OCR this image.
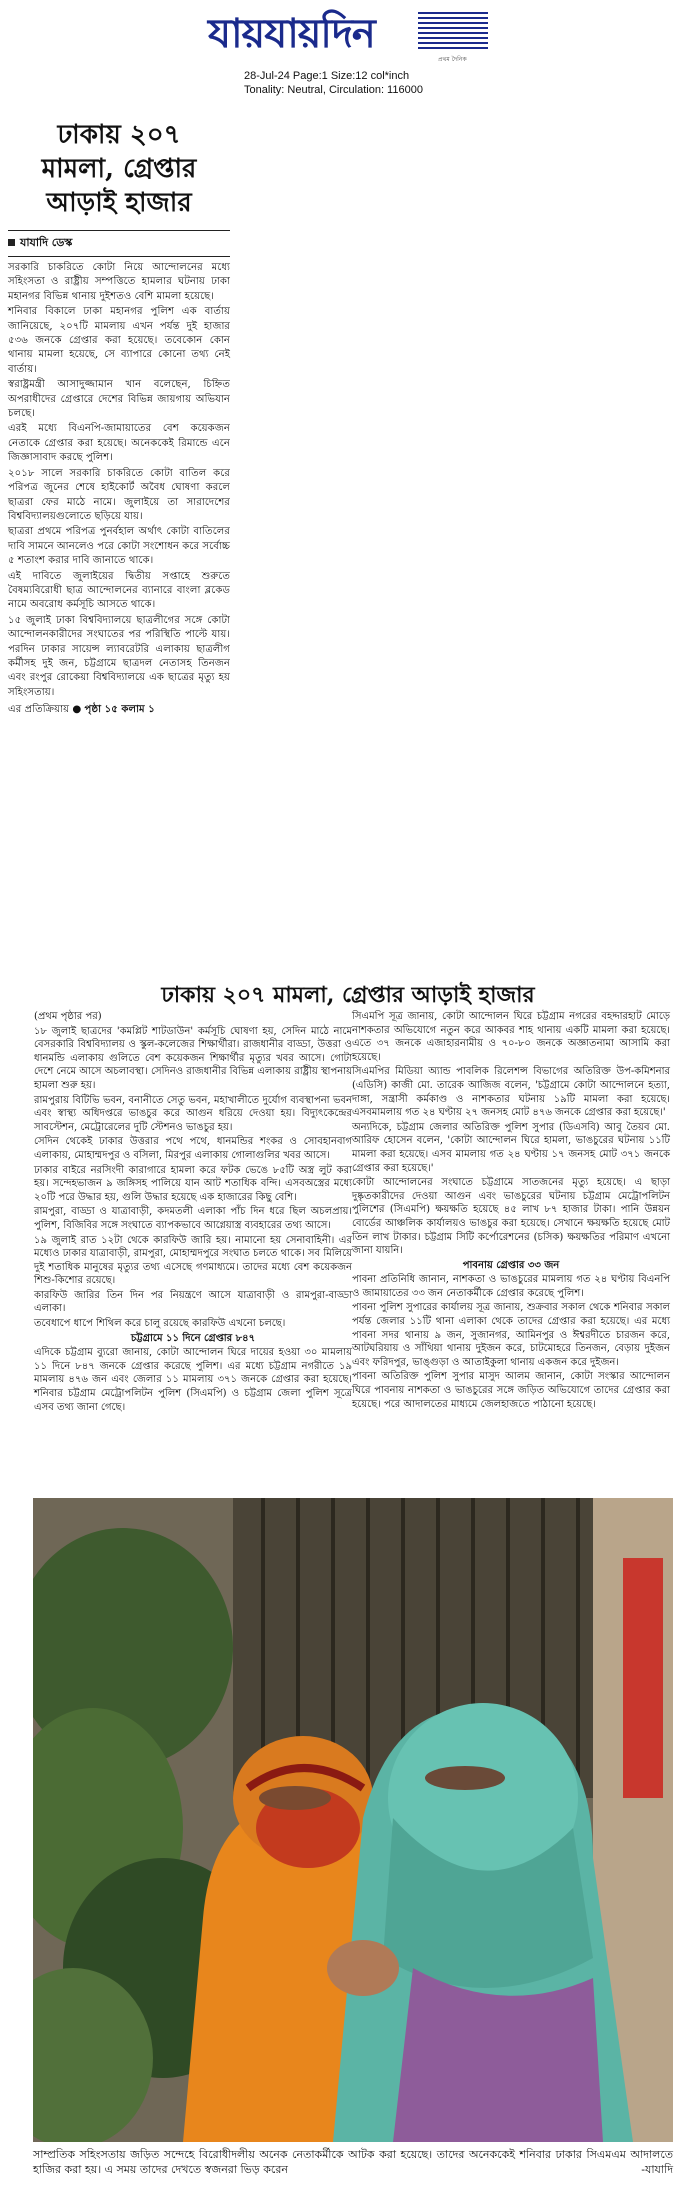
যায়যায়দিন
প্রথম দৈনিক
28-Jul-24 Page:1 Size:12 col*inch
Tonality: Neutral, Circulation: 116000
ঢাকায় ২০৭
মামলা, গ্রেপ্তার
আড়াই হাজার
যাযাদি ডেস্ক

সরকারি চাকরিতে কোটা নিয়ে আন্দোলনের মধ্যে সহিংসতা ও রাষ্ট্রীয় সম্পত্তিতে হামলার ঘটনায় ঢাকা মহানগর বিভিন্ন থানায় দুইশতও বেশি মামলা হয়েছে।

শনিবার বিকালে ঢাকা মহানগর পুলিশ এক বার্তায় জানিয়েছে, ২০৭টি মামলায় এখন পর্যন্ত দুই হাজার ৫৩৬ জনকে গ্রেপ্তার করা হয়েছে। তবেকোন কোন থানায় মামলা হয়েছে, সে ব্যাপারে কোনো তথ্য নেই বার্তায়।

স্বরাষ্ট্রমন্ত্রী আসাদুজ্জামান খান বলেছেন, চিহ্নিত অপরাধীদের গ্রেপ্তারে দেশের বিভিন্ন জায়গায় অভিযান চলছে।

এরই মধ্যে বিএনপি-জামায়াতের বেশ কয়েকজন নেতাকে গ্রেপ্তার করা হয়েছে। অনেককেই রিমান্ডে এনে জিজ্ঞাসাবাদ করছে পুলিশ।

২০১৮ সালে সরকারি চাকরিতে কোটা বাতিল করে পরিপত্র জুনের শেষে হাইকোর্ট অবৈধ ঘোষণা করলে ছাত্ররা ফের মাঠে নামে। জুলাইয়ে তা সারাদেশের বিশ্ববিদ্যালয়গুলোতে ছড়িয়ে যায়।

ছাত্ররা প্রথমে পরিপত্র পুনর্বহাল অর্থাৎ কোটা বাতিলের দাবি সামনে আনলেও পরে কোটা সংশোধন করে সর্বোচ্চ ৫ শতাংশ করার দাবি জানাতে থাকে।

এই দাবিতে জুলাইয়ের দ্বিতীয় সপ্তাহে শুরুতে বৈষম্যবিরোধী ছাত্র আন্দোলনের ব্যানারে বাংলা ব্লকেড নামে অবরোধ কর্মসূচি আসতে থাকে।

১৫ জুলাই ঢাকা বিশ্ববিদ্যালয়ে ছাত্রলীগের সঙ্গে কোটা আন্দোলনকারীদের সংঘাতের পর পরিস্থিতি পাল্টে যায়। পরদিন ঢাকার সায়েন্স ল্যাবরেটরি এলাকায় ছাত্রলীগ কর্মীসহ দুই জন, চট্টগ্রামে ছাত্রদল নেতাসহ তিনজন এবং রংপুর রোকেয়া বিশ্ববিদ্যালয়ে এক ছাত্রের মৃত্যু হয় সহিংসতায়।

এর প্রতিক্রিয়ায় ● পৃষ্ঠা ১৫ কলাম ১
ঢাকায় ২০৭ মামলা, গ্রেপ্তার আড়াই হাজার

(প্রথম পৃষ্ঠার পর)

১৮ জুলাই ছাত্রদের 'কমপ্লিট শাটডাউন' কর্মসূচি ঘোষণা হয়, সেদিন মাঠে নামে বেসরকারি বিশ্ববিদ্যালয় ও স্কুল-কলেজের শিক্ষার্থীরা। রাজধানীর বাড্ডা, উত্তরা ও ধানমন্ডি এলাকায় গুলিতে বেশ কয়েকজন শিক্ষার্থীর মৃত্যুর খবর আসে। গোটা দেশে নেমে আসে অচলাবস্থা। সেদিনও রাজধানীর বিভিন্ন এলাকায় রাষ্ট্রীয় স্থাপনায় হামলা শুরু হয়।

রামপুরায় বিটিভি ভবন, বনানীতে সেতু ভবন, মহাখালীতে দুর্যোগ ব্যবস্থাপনা ভবন এবং স্বাস্থ্য অধিদপ্তরে ভাঙচুর করে আগুন ধরিয়ে দেওয়া হয়। বিদ্যুৎকেন্দ্রের সাবস্টেশন, মেট্রোরেলের দুটি স্টেশনও ভাঙচুর হয়।

সেদিন থেকেই ঢাকার উত্তরার পথে পথে, ধানমন্ডির শংকর ও সোবহানবাগ এলাকায়, মোহাম্মদপুর ও বসিলা, মিরপুর এলাকায় গোলাগুলির খবর আসে।

ঢাকার বাইরে নরসিংদী কারাগারে হামলা করে ফটক ভেঙে ৮৫টি অস্ত্র লুট করা হয়। সন্দেহভাজন ৯ জঙ্গিসহ পালিয়ে যান আট শতাধিক বন্দি। এসবঅস্ত্রের মধ্যে ২০টি পরে উদ্ধার হয়, গুলি উদ্ধার হয়েছে এক হাজারের কিছু বেশি।

রামপুরা, বাড্ডা ও যাত্রাবাড়ী, কদমতলী এলাকা পাঁচ দিন ধরে ছিল অচলপ্রায়। পুলিশ, বিজিবির সঙ্গে সংঘাতে ব্যাপকভাবে আগ্নেয়াস্ত্র ব্যবহারের তথ্য আসে।

১৯ জুলাই রাত ১২টা থেকে কারফিউ জারি হয়। নামানো হয় সেনাবাহিনী। এর মধ্যেও ঢাকার যাত্রাবাড়ী, রামপুরা, মোহাম্মদপুরে সংঘাত চলতে থাকে। সব মিলিয়ে দুই শতাধিক মানুষের মৃত্যুর তথ্য এসেছে গণমাধ্যমে। তাদের মধ্যে বেশ কয়েকজন শিশু-কিশোর রয়েছে।

কারফিউ জারির তিন দিন পর নিয়ন্ত্রণে আসে যাত্রাবাড়ী ও রামপুরা-বাড্ডা এলাকা।

তবেধাপে ধাপে শিথিল করে চালু রয়েছে কারফিউ এখনো চলছে।

চট্টগ্রামে ১১ দিনে গ্রেপ্তার ৮৪৭

এদিকে চট্টগ্রাম ব্যুরো জানায়, কোটা আন্দোলন ঘিরে দায়ের হওয়া ৩০ মামলায় ১১ দিনে ৮৪৭ জনকে গ্রেপ্তার করেছে পুলিশ। এর মধ্যে চট্টগ্রাম নগরীতে ১৯ মামলায় ৪৭৬ জন এবং জেলার ১১ মামলায় ৩৭১ জনকে গ্রেপ্তার করা হয়েছে। শনিবার চট্টগ্রাম মেট্রোপলিটন পুলিশ (সিএমপি) ও চট্টগ্রাম জেলা পুলিশ সূত্রে এসব তথ্য জানা গেছে।

সিএমপি সূত্র জানায়, কোটা আন্দোলন ঘিরে চট্টগ্রাম নগরের বহদ্দারহাট মোড়ে নাশকতার অভিযোগে নতুন করে আকবর শাহ থানায় একটি মামলা করা হয়েছে। এতে ৩৭ জনকে এজাহারনামীয় ও ৭০-৮০ জনকে অজ্ঞাতনামা আসামি করা হয়েছে।

সিএমপির মিডিয়া অ্যান্ড পাবলিক রিলেশন্স বিভাগের অতিরিক্ত উপ-কমিশনার (এডিসি) কাজী মো. তারেক আজিজ বলেন, 'চট্টগ্রামে কোটা আন্দোলনে হত্যা, দাঙ্গা, সন্ত্রাসী কর্মকাণ্ড ও নাশকতার ঘটনায় ১৯টি মামলা করা হয়েছে। এসবমামলায় গত ২৪ ঘণ্টায় ২৭ জনসহ মোট ৪৭৬ জনকে গ্রেপ্তার করা হয়েছে।'

অন্যদিকে, চট্টগ্রাম জেলার অতিরিক্ত পুলিশ সুপার (ডিএসবি) আবু তৈয়ব মো. আরিফ হোসেন বলেন, 'কোটা আন্দোলন ঘিরে হামলা, ভাঙচুরের ঘটনায় ১১টি মামলা করা হয়েছে। এসব মামলায় গত ২৪ ঘণ্টায় ১৭ জনসহ মোট ৩৭১ জনকে গ্রেপ্তার করা হয়েছে।'

কোটা আন্দোলনের সংঘাতে চট্টগ্রামে সাতজনের মৃত্যু হয়েছে। এ ছাড়া দুষ্কৃতকারীদের দেওয়া আগুন এবং ভাঙচুরের ঘটনায় চট্টগ্রাম মেট্রোপলিটন পুলিশের (সিএমপি) ক্ষয়ক্ষতি হয়েছে ৪৫ লাখ ৮৭ হাজার টাকা। পানি উন্নয়ন বোর্ডের আঞ্চলিক কার্যালয়ও ভাঙচুর করা হয়েছে। সেখানে ক্ষয়ক্ষতি হয়েছে মোট তিন লাখ টাকার। চট্টগ্রাম সিটি কর্পোরেশনের (চসিক) ক্ষয়ক্ষতির পরিমাণ এখনো জানা যায়নি।

পাবনায় গ্রেপ্তার ৩৩ জন

পাবনা প্রতিনিধি জানান, নাশকতা ও ভাঙচুরের মামলায় গত ২৪ ঘণ্টায় বিএনপি ও জামায়াতের ৩৩ জন নেতাকর্মীকে গ্রেপ্তার করেছে পুলিশ।

পাবনা পুলিশ সুপারের কার্যালয় সূত্র জানায়, শুক্রবার সকাল থেকে শনিবার সকাল পর্যন্ত জেলার ১১টি থানা এলাকা থেকে তাদের গ্রেপ্তার করা হয়েছে। এর মধ্যে পাবনা সদর থানায় ৯ জন, সুজানগর, আমিনপুর ও ঈশ্বরদীতে চারজন করে, আটঘরিয়ায় ও সাঁথিয়া থানায় দুইজন করে, চাটমোহরে তিনজন, বেড়ায় দুইজন এবং ফরিদপুর, ভাঙ্গুড়া ও আতাইকুলা থানায় একজন করে দুইজন।

পাবনা অতিরিক্ত পুলিশ সুপার মাসুদ আলম জানান, কোটা সংস্কার আন্দোলন ঘিরে পাবনায় নাশকতা ও ভাঙচুরের সঙ্গে জড়িত অভিযোগে তাদের গ্রেপ্তার করা হয়েছে। পরে আদালতের মাধ্যমে জেলহাজতে পাঠানো হয়েছে।

সাম্প্রতিক সহিংসতায় জড়িত সন্দেহে বিরোধীদলীয় অনেক নেতাকর্মীকে আটক করা হয়েছে। তাদের অনেককেই শনিবার ঢাকার সিএমএম আদালতে হাজির করা হয়। এ সময় তাদের দেখতে স্বজনরা ভিড় করেন	-যাযাদি
